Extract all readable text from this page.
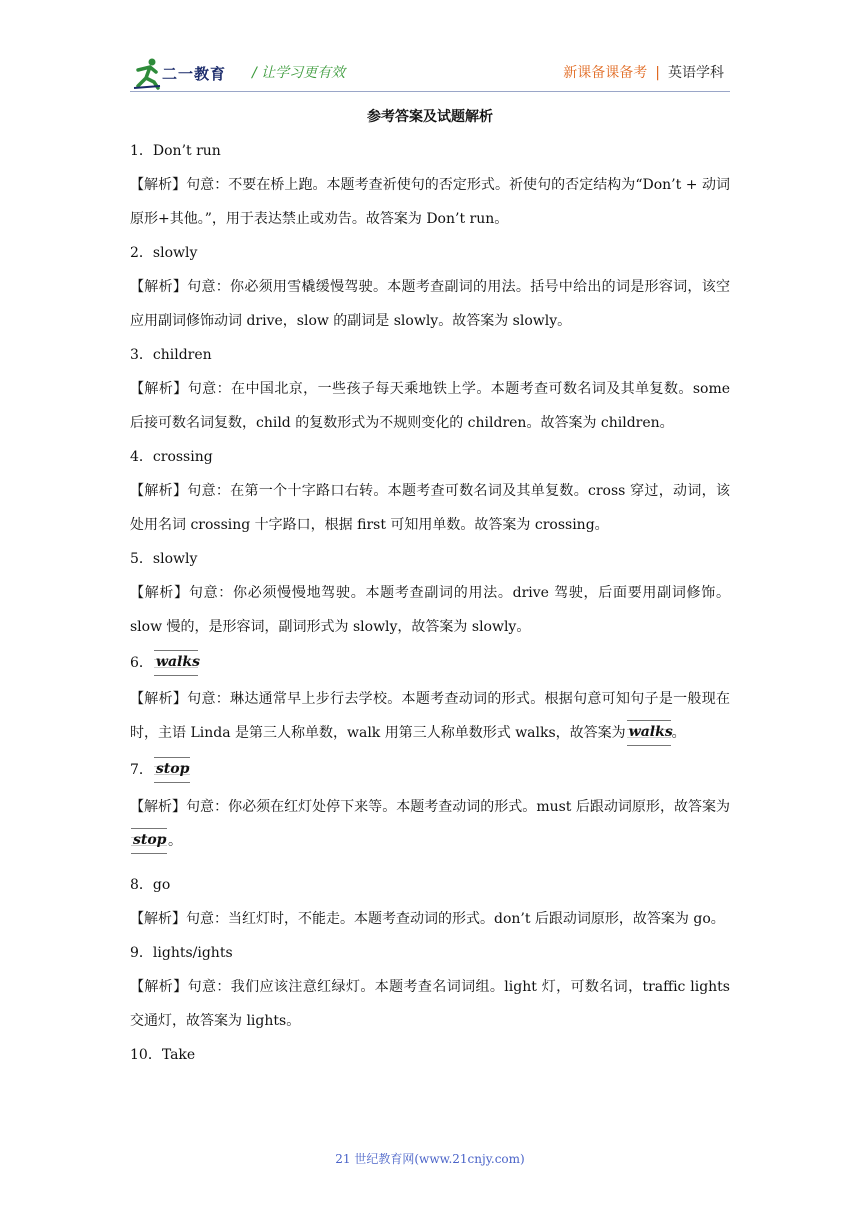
二一教育 / 让学习更有效	新课备课备考 | 英语学科
参考答案及试题解析
1．Don’t run
【解析】句意：不要在桥上跑。本题考查祈使句的否定形式。祈使句的否定结构为“Don’t + 动词原形+其他。”，用于表达禁止或劝告。故答案为 Don’t run。
2．slowly
【解析】句意：你必须用雪橇缓慢驾驶。本题考查副词的用法。括号中给出的词是形容词，该空应用副词修饰动词 drive，slow 的副词是 slowly。故答案为 slowly。
3．children
【解析】句意：在中国北京，一些孩子每天乘地铁上学。本题考查可数名词及其单复数。some 后接可数名词复数，child 的复数形式为不规则变化的 children。故答案为 children。
4．crossing
【解析】句意：在第一个十字路口右转。本题考查可数名词及其单复数。cross 穿过，动词，该处用名词 crossing 十字路口，根据 first 可知用单数。故答案为 crossing。
5．slowly
【解析】句意：你必须慢慢地驾驶。本题考查副词的用法。drive 驾驶，后面要用副词修饰。slow 慢的，是形容词，副词形式为 slowly，故答案为 slowly。
6． walks
【解析】句意：琳达通常早上步行去学校。本题考查动词的形式。根据句意可知句子是一般现在时，主语 Linda 是第三人称单数，walk 用第三人称单数形式 walks，故答案为 walks
。
7． stop
【解析】句意：你必须在红灯处停下来等。本题考查动词的形式。must 后跟动词原形，故答案为
stop 。
8．go
【解析】句意：当红灯时，不能走。本题考查动词的形式。don’t 后跟动词原形，故答案为 go。
9．lights/ights
【解析】句意：我们应该注意红绿灯。本题考查名词词组。light 灯，可数名词，traffic lights 交通灯，故答案为 lights。
10．Take
21 世纪教育网(www.21cnjy.com)
